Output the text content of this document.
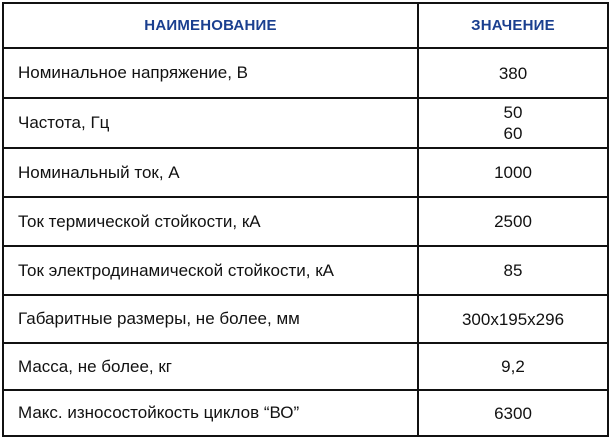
НАИМЕНОВАНИЕ	ЗНАЧЕНИЕ
Номинальное напряжение, В	380

Частота, Гц	50
60

Номинальный ток, А	1000

Ток термической стойкости, кА	2500

Ток электродинамической стойкости, кА	85

Габаритные размеры, не более, мм	300x195x296

Масса, не более, кг	9,2

Макс. износостойкость циклов “ВО”	6300
